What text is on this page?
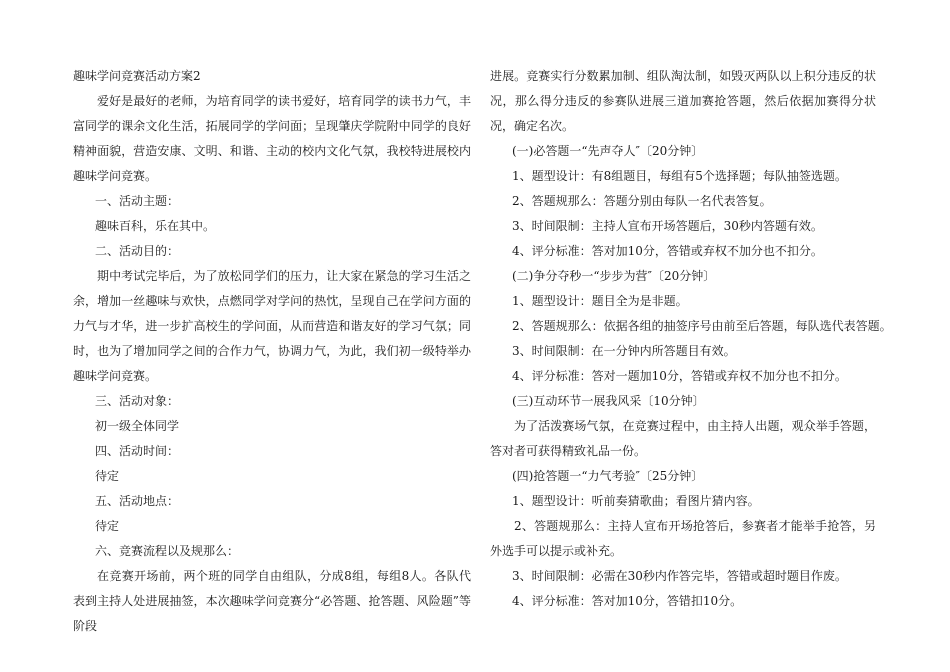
趣味学问竞赛活动方案2

爱好是最好的老师，为培育同学的读书爱好，培育同学的读书力气，丰富同学的课余文化生活，拓展同学的学问面；呈现肇庆学院附中同学的良好精神面貌，营造安康、文明、和谐、主动的校内文化气氛，我校特进展校内趣味学问竞赛。

一、活动主题：

趣味百科，乐在其中。

二、活动目的：

期中考试完毕后，为了放松同学们的压力，让大家在紧急的学习生活之余，增加一丝趣味与欢快，点燃同学对学问的热忱，呈现自己在学问方面的力气与才华，进一步扩高校生的学问面，从而营造和谐友好的学习气氛；同时，也为了增加同学之间的合作力气，协调力气，为此，我们初一级特举办趣味学问竞赛。

三、活动对象：

初一级全体同学

四、活动时间：

待定

五、活动地点：

待定

六、竞赛流程以及规那么：

在竞赛开场前，两个班的同学自由组队，分成8组，每组8人。各队代表到主持人处进展抽签，本次趣味学问竞赛分“必答题、抢答题、风险题”等阶段

进展。竞赛实行分数累加制、组队淘汰制，如毁灭两队以上积分违反的状况，那么得分违反的参赛队进展三道加赛抢答题，然后依据加赛得分状况，确定名次。

(一)必答题一“先声夺人″〔20分钟〕

1、题型设计：有8组题目，每组有5个选择题；每队抽签选题。

2、答题规那么：答题分别由每队一名代表答复。

3、时间限制：主持人宣布开场答题后，30秒内答题有效。

4、评分标准：答对加10分，答错或弃权不加分也不扣分。

(二)争分夺秒一“步步为营″〔20分钟〕

1、题型设计：题目全为是非题。

2、答题规那么：依据各组的抽签序号由前至后答题，每队选代表答题。

3、时间限制：在一分钟内所答题目有效。

4、评分标准：答对一题加10分，答错或弃权不加分也不扣分。

(三)互动环节一展我风采〔10分钟〕

为了活泼赛场气氛，在竞赛过程中，由主持人出题，观众举手答题，答对者可获得精致礼品一份。

(四)抢答题一“力气考验″〔25分钟〕

1、题型设计：听前奏猜歌曲；看图片猜内容。

2、答题规那么：主持人宣布开场抢答后，参赛者才能举手抢答，另外选手可以提示或补充。

3、时间限制：必需在30秒内作答完毕，答错或超时题目作废。

4、评分标准：答对加10分，答错扣10分。
